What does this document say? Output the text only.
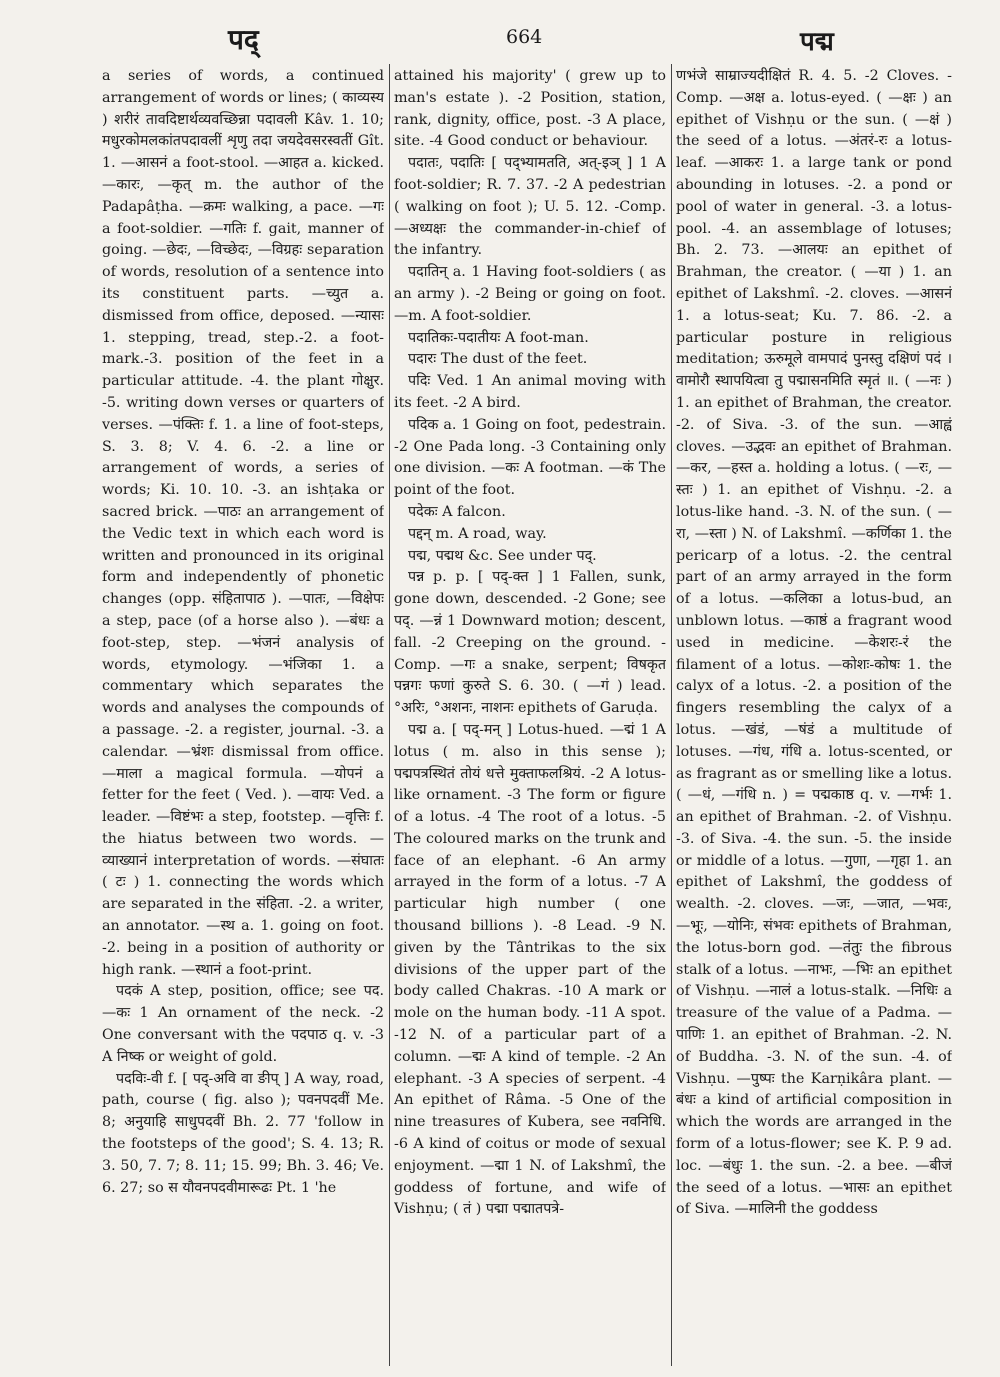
पद्	664	पद्म

a series of words, a continued arrangement of words or lines; ( काव्यस्य ) शरीरं तावदिष्टार्थव्यवच्छिन्ना पदावली Kâv. 1. 10; मधुरकोमलकांतपदावलीं शृणु तदा जयदेवसरस्वतीं Gît. 1. —आसनं a foot-stool. —आहत a. kicked. —कारः, —कृत् m. the author of the Padapâṭha. —क्रमः walking, a pace. —गः a foot-soldier. —गतिः f. gait, manner of going. —छेदः, —विच्छेदः, —विग्रहः separation of words, resolution of a sentence into its constituent parts. —च्युत a. dismissed from office, deposed. —न्यासः 1. stepping, tread, step.-2. a foot-mark.-3. position of the feet in a particular attitude. -4. the plant गोक्षुर. -5. writing down verses or quarters of verses. —पंक्तिः f. 1. a line of foot-steps, S. 3. 8; V. 4. 6. -2. a line or arrangement of words, a series of words; Ki. 10. 10. -3. an ishṭaka or sacred brick. —पाठः an arrangement of the Vedic text in which each word is written and pronounced in its original form and independently of phonetic changes (opp. संहितापाठ ). —पातः, —विक्षेपः a step, pace (of a horse also ). —बंधः a foot-step, step. —भंजनं analysis of words, etymology. —भंजिका 1. a commentary which separates the words and analyses the compounds of a passage. -2. a register, journal. -3. a calendar. —भ्रंशः dismissal from office. —माला a magical formula. —योपनं a fetter for the feet ( Ved. ). —वायः Ved. a leader. —विष्टंभः a step, footstep. —वृत्तिः f. the hiatus between two words. —व्याख्यानं interpretation of words. —संघातः ( टः ) 1. connecting the words which are separated in the संहिता. -2. a writer, an annotator. —स्थ a. 1. going on foot. -2. being in a position of authority or high rank. —स्थानं a foot-print.

पदकं A step, position, office; see पद. —कः 1 An ornament of the neck. -2 One conversant with the पदपाठ q. v. -3 A निष्क or weight of gold.

पदविः-वी f. [ पद्-अवि वा ङीप् ] A way, road, path, course ( fig. also ); पवनपदवीं Me. 8; अनुयाहि साधुपदवीं Bh. 2. 77 'follow in the footsteps of the good'; S. 4. 13; R. 3. 50, 7. 7; 8. 11; 15. 99; Bh. 3. 46; Ve. 6. 27; so स यौवनपदवीमारूढः Pt. 1 'he

attained his majority' ( grew up to man's estate ). -2 Position, station, rank, dignity, office, post. -3 A place, site. -4 Good conduct or behaviour.

पदातः, पदातिः [ पद्भ्यामतति, अत्-इञ् ] 1 A foot-soldier; R. 7. 37. -2 A pedestrian ( walking on foot ); U. 5. 12. -Comp. —अध्यक्षः the commander-in-chief of the infantry.

पदातिन् a. 1 Having foot-soldiers ( as an army ). -2 Being or going on foot. —m. A foot-soldier.

पदातिकः-पदातीयः A foot-man.

पदारः The dust of the feet.

पदिः Ved. 1 An animal moving with its feet. -2 A bird.

पदिक a. 1 Going on foot, pedestrain. -2 One Pada long. -3 Containing only one division. —कः A footman. —कं The point of the foot.

पदेकः A falcon.

पद्दन् m. A road, way.

पद्म, पद्मथ &c. See under पद्.

पन्न p. p. [ पद्-क्त ] 1 Fallen, sunk, gone down, descended. -2 Gone; see पद्. —न्नं 1 Downward motion; descent, fall. -2 Creeping on the ground. -Comp. —गः a snake, serpent; विषकृत पन्नगः फणां कुरुते S. 6. 30. ( —गं ) lead. °अरिः, °अशनः, नाशनः epithets of Garuḍa.

पद्म a. [ पद्-मन् ] Lotus-hued. —द्मं 1 A lotus ( m. also in this sense ); पद्मपत्रस्थितं तोयं धत्ते मुक्ताफलश्रियं. -2 A lotus-like ornament. -3 The form or figure of a lotus. -4 The root of a lotus. -5 The coloured marks on the trunk and face of an elephant. -6 An army arrayed in the form of a lotus. -7 A particular high number ( one thousand billions ). -8 Lead. -9 N. given by the Tântrikas to the six divisions of the upper part of the body called Chakras. -10 A mark or mole on the human body. -11 A spot. -12 N. of a particular part of a column. —द्मः A kind of temple. -2 An elephant. -3 A species of serpent. -4 An epithet of Râma. -5 One of the nine treasures of Kubera, see नवनिधि. -6 A kind of coitus or mode of sexual enjoyment. —द्मा 1 N. of Lakshmî, the goddess of fortune, and wife of Vishṇu; ( तं ) पद्मा पद्मातपत्रे-

णभंजे साम्राज्यदीक्षितं R. 4. 5. -2 Cloves. -Comp. —अक्ष a. lotus-eyed. ( —क्षः ) an epithet of Vishṇu or the sun. ( —क्षं ) the seed of a lotus. —अंतरं-रः a lotus-leaf. —आकरः 1. a large tank or pond abounding in lotuses. -2. a pond or pool of water in general. -3. a lotus-pool. -4. an assemblage of lotuses; Bh. 2. 73. —आलयः an epithet of Brahman, the creator. ( —या ) 1. an epithet of Lakshmî. -2. cloves. —आसनं 1. a lotus-seat; Ku. 7. 86. -2. a particular posture in religious meditation; ऊरुमूले वामपादं पुनस्तु दक्षिणं पदं । वामोरौ स्थापयित्वा तु पद्मासनमिति स्मृतं ॥. ( —नः ) 1. an epithet of Brahman, the creator. -2. of Siva. -3. of the sun. —आह्वं cloves. —उद्भवः an epithet of Brahman. —कर, —हस्त a. holding a lotus. ( —रः, —स्तः ) 1. an epithet of Vishṇu. -2. a lotus-like hand. -3. N. of the sun. ( —रा, —स्ता ) N. of Lakshmî. —कर्णिका 1. the pericarp of a lotus. -2. the central part of an army arrayed in the form of a lotus. —कलिका a lotus-bud, an unblown lotus. —काष्ठं a fragrant wood used in medicine. —केशरः-रं the filament of a lotus. —कोशः-कोषः 1. the calyx of a lotus. -2. a position of the fingers resembling the calyx of a lotus. —खंडं, —षंडं a multitude of lotuses. —गंध, गंधि a. lotus-scented, or as fragrant as or smelling like a lotus. ( —धं, —गंधि n. ) = पद्मकाष्ठ q. v. —गर्भः 1. an epithet of Brahman. -2. of Vishṇu. -3. of Siva. -4. the sun. -5. the inside or middle of a lotus. —गुणा, —गृहा 1. an epithet of Lakshmî, the goddess of wealth. -2. cloves. —जः, —जात, —भवः, —भूः, —योनिः, संभवः epithets of Brahman, the lotus-born god. —तंतुः the fibrous stalk of a lotus. —नाभः, —भिः an epithet of Vishṇu. —नालं a lotus-stalk. —निधिः a treasure of the value of a Padma. —पाणिः 1. an epithet of Brahman. -2. N. of Buddha. -3. N. of the sun. -4. of Vishṇu. —पुष्पः the Karṇikâra plant. —बंधः a kind of artificial composition in which the words are arranged in the form of a lotus-flower; see K. P. 9 ad. loc. —बंधुः 1. the sun. -2. a bee. —बीजं the seed of a lotus. —भासः an epithet of Siva. —मालिनी the goddess
